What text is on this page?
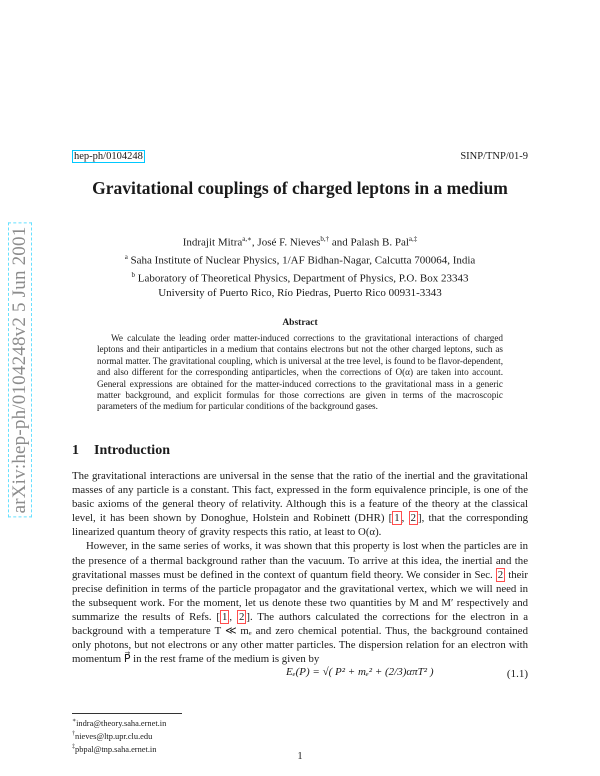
arXiv:hep-ph/0104248v2 5 Jun 2001
hep-ph/0104248	SINP/TNP/01-9
Gravitational couplings of charged leptons in a medium
Indrajit Mitra$^{a,∗}$, José F. Nieves$^{b,\dagger}$ and Palash B. Pal$^{a,\ddagger}$
$^a$ Saha Institute of Nuclear Physics, 1/AF Bidhan-Nagar, Calcutta 700064, India
$^b$ Laboratory of Theoretical Physics, Department of Physics, P.O. Box 23343
University of Puerto Rico, Río Piedras, Puerto Rico 00931-3343
Abstract
We calculate the leading order matter-induced corrections to the gravitational interactions of charged leptons and their antiparticles in a medium that contains electrons but not the other charged leptons, such as normal matter. The gravitational coupling, which is universal at the tree level, is found to be flavor-dependent, and also different for the corresponding antiparticles, when the corrections of O(α) are taken into account. General expressions are obtained for the matter-induced corrections to the gravitational mass in a generic matter background, and explicit formulas for those corrections are given in terms of the macroscopic parameters of the medium for particular conditions of the background gases.
1 Introduction

The gravitational interactions are universal in the sense that the ratio of the inertial and the gravitational masses of any particle is a constant. This fact, expressed in the form equivalence principle, is one of the basic axioms of the general theory of relativity. Although this is a feature of the theory at the classical level, it has been shown by Donoghue, Holstein and Robinett (DHR) [ 1 , 2 ], that the corresponding linearized quantum theory of gravity respects this ratio, at least to O(α).

However, in the same series of works, it was shown that this property is lost when the particles are in the presence of a thermal background rather than the vacuum. To arrive at this idea, the inertial and the gravitational masses must be defined in the context of quantum field theory. We consider in Sec. 2 their precise definition in terms of the particle propagator and the gravitational vertex, which we will need in the subsequent work. For the moment, let us denote these two quantities by M and M′ respectively and summarize the results of Refs. [ 1 , 2 ]. The authors calculated the corrections for the electron in a background with a temperature T ≪ mₑ and zero chemical potential. Thus, the background contained only photons, but not electrons or any other matter particles. The dispersion relation for an electron with momentum P⃗ in the rest frame of the medium is given by

Eₑ(P) = √( P² + mₑ² + (2/3)απT² )	(1.1)
∗indra@theory.saha.ernet.in
†nieves@ltp.upr.clu.edu
‡pbpal@tnp.saha.ernet.in
1
